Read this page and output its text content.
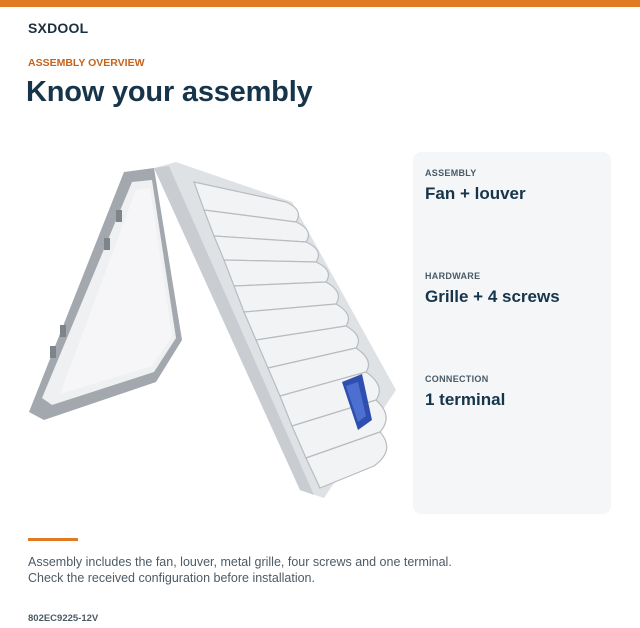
SXDOOL
ASSEMBLY OVERVIEW
Know your assembly
ASSEMBLY
Fan + louver
HARDWARE
Grille + 4 screws
CONNECTION
1 terminal
Assembly includes the fan, louver, metal grille, four screws and one terminal.
Check the received configuration before installation.
802EC9225-12V
